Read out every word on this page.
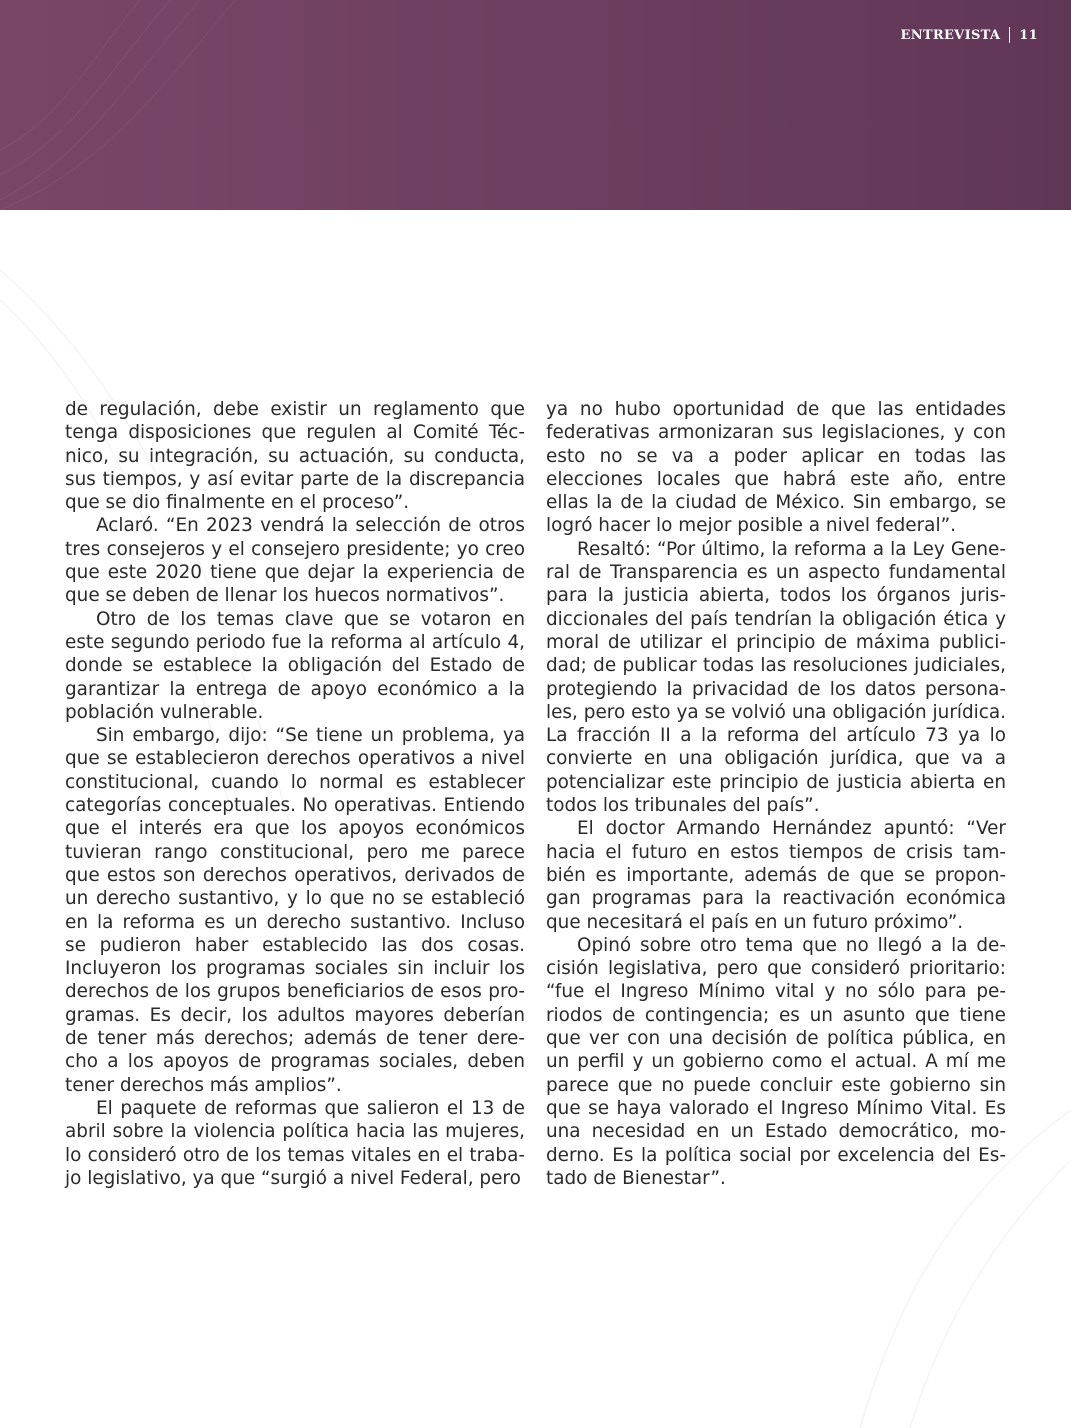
ENTREVISTA 11

de regulación, debe existir un reglamento que tenga disposiciones que regulen al Comité Técnico, su integración, su actuación, su conducta, sus tiempos, y así evitar parte de la discrepancia que se dio finalmente en el proceso”.

Aclaró. “En 2023 vendrá la selección de otros tres consejeros y el consejero presidente; yo creo que este 2020 tiene que dejar la experiencia de que se deben de llenar los huecos normativos”.

Otro de los temas clave que se votaron en este segundo periodo fue la reforma al artículo 4, donde se establece la obligación del Estado de garantizar la entrega de apoyo económico a la población vulnerable.

Sin embargo, dijo: “Se tiene un problema, ya que se establecieron derechos operativos a nivel constitucional, cuando lo normal es establecer categorías conceptuales. No operativas. Entiendo que el interés era que los apoyos económicos tuvieran rango constitucional, pero me parece que estos son derechos operativos, derivados de un derecho sustantivo, y lo que no se estableció en la reforma es un derecho sustantivo. Incluso se pudieron haber establecido las dos cosas. Incluyeron los programas sociales sin incluir los derechos de los grupos beneficiarios de esos programas. Es decir, los adultos mayores deberían de tener más derechos; además de tener derecho a los apoyos de programas sociales, deben tener derechos más amplios”.

El paquete de reformas que salieron el 13 de abril sobre la violencia política hacia las mujeres, lo consideró otro de los temas vitales en el trabajo legislativo, ya que “surgió a nivel Federal, pero

ya no hubo oportunidad de que las entidades federativas armonizaran sus legislaciones, y con esto no se va a poder aplicar en todas las elecciones locales que habrá este año, entre ellas la de la ciudad de México. Sin embargo, se logró hacer lo mejor posible a nivel federal”.

Resaltó: “Por último, la reforma a la Ley General de Transparencia es un aspecto fundamental para la justicia abierta, todos los órganos jurisdiccionales del país tendrían la obligación ética y moral de utilizar el principio de máxima publicidad; de publicar todas las resoluciones judiciales, protegiendo la privacidad de los datos personales, pero esto ya se volvió una obligación jurídica. La fracción II a la reforma del artículo 73 ya lo convierte en una obligación jurídica, que va a potencializar este principio de justicia abierta en todos los tribunales del país”.

El doctor Armando Hernández apuntó: “Ver hacia el futuro en estos tiempos de crisis también es importante, además de que se propongan programas para la reactivación económica que necesitará el país en un futuro próximo”.

Opinó sobre otro tema que no llegó a la decisión legislativa, pero que consideró prioritario: “fue el Ingreso Mínimo vital y no sólo para periodos de contingencia; es un asunto que tiene que ver con una decisión de política pública, en un perfil y un gobierno como el actual. A mí me parece que no puede concluir este gobierno sin que se haya valorado el Ingreso Mínimo Vital. Es una necesidad en un Estado democrático, moderno. Es la política social por excelencia del Estado de Bienestar”.
